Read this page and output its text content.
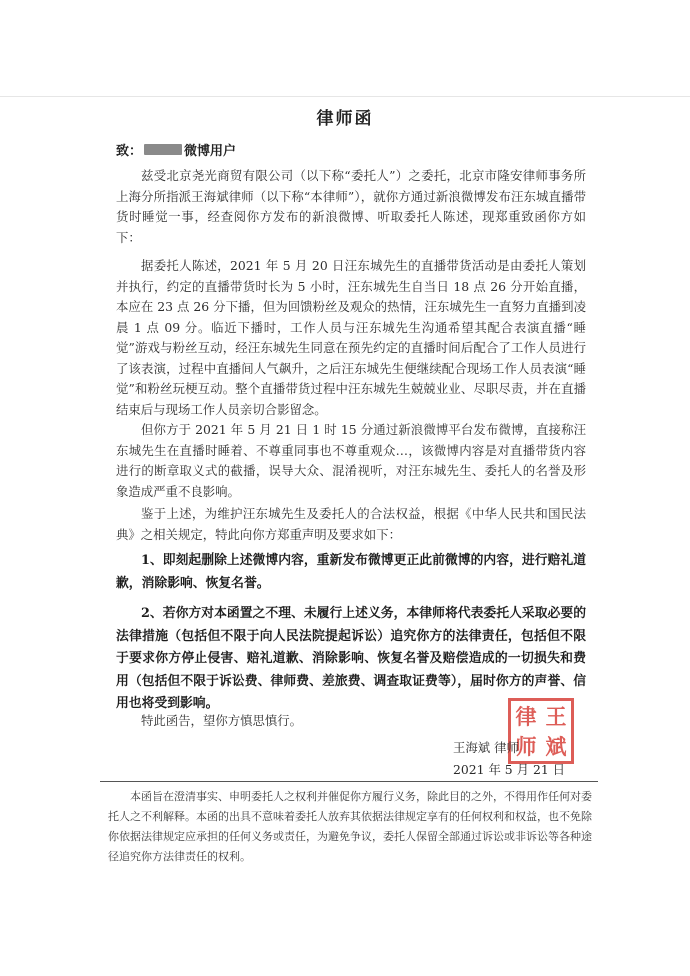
律师函
致：	微博用户

兹受北京尧光商贸有限公司（以下称“委托人”）之委托，北京市隆安律师事务所上海分所指派王海斌律师（以下称“本律师”），就你方通过新浪微博发布汪东城直播带货时睡觉一事，经查阅你方发布的新浪微博、听取委托人陈述，现郑重致函你方如下：

据委托人陈述，2021 年 5 月 20 日汪东城先生的直播带货活动是由委托人策划并执行，约定的直播带货时长为 5 小时，汪东城先生自当日 18 点 26 分开始直播，本应在 23 点 26 分下播，但为回馈粉丝及观众的热情，汪东城先生一直努力直播到凌晨 1 点 09 分。临近下播时，工作人员与汪东城先生沟通希望其配合表演直播“睡觉”游戏与粉丝互动，经汪东城先生同意在预先约定的直播时间后配合了工作人员进行了该表演，过程中直播间人气飙升，之后汪东城先生便继续配合现场工作人员表演“睡觉”和粉丝玩梗互动。整个直播带货过程中汪东城先生兢兢业业、尽职尽责，并在直播结束后与现场工作人员亲切合影留念。

但你方于 2021 年 5 月 21 日 1 时 15 分通过新浪微博平台发布微博，直接称汪东城先生在直播时睡着、不尊重同事也不尊重观众…，该微博内容是对直播带货内容进行的断章取义式的截播，误导大众、混淆视听，对汪东城先生、委托人的名誉及形象造成严重不良影响。

鉴于上述，为维护汪东城先生及委托人的合法权益，根据《中华人民共和国民法典》之相关规定，特此向你方郑重声明及要求如下：

1、即刻起删除上述微博内容，重新发布微博更正此前微博的内容，进行赔礼道歉，消除影响、恢复名誉。

2、若你方对本函置之不理、未履行上述义务，本律师将代表委托人采取必要的法律措施（包括但不限于向人民法院提起诉讼）追究你方的法律责任，包括但不限于要求你方停止侵害、赔礼道歉、消除影响、恢复名誉及赔偿造成的一切损失和费用（包括但不限于诉讼费、律师费、差旅费、调查取证费等），届时你方的声誉、信用也将受到影响。

特此函告，望你方慎思慎行。	律 王
师 斌
王海斌 律师
2021 年 5 月 21 日

本函旨在澄清事实、申明委托人之权利并催促你方履行义务，除此目的之外，不得用作任何对委托人之不利解释。本函的出具不意味着委托人放弃其依据法律规定享有的任何权利和权益，也不免除你依据法律规定应承担的任何义务或责任，为避免争议，委托人保留全部通过诉讼或非诉讼等各种途径追究你方法律责任的权利。
